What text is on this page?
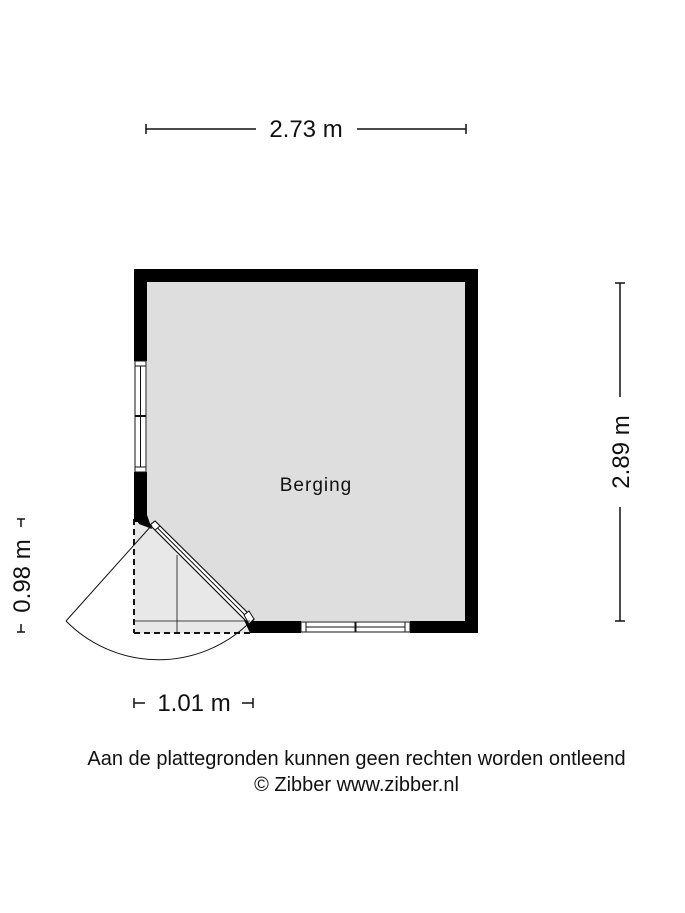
2.73 m
2.89 m
0.98 m
1.01 m
Berging

Aan de plattegronden kunnen geen rechten worden ontleend

© Zibber www.zibber.nl
